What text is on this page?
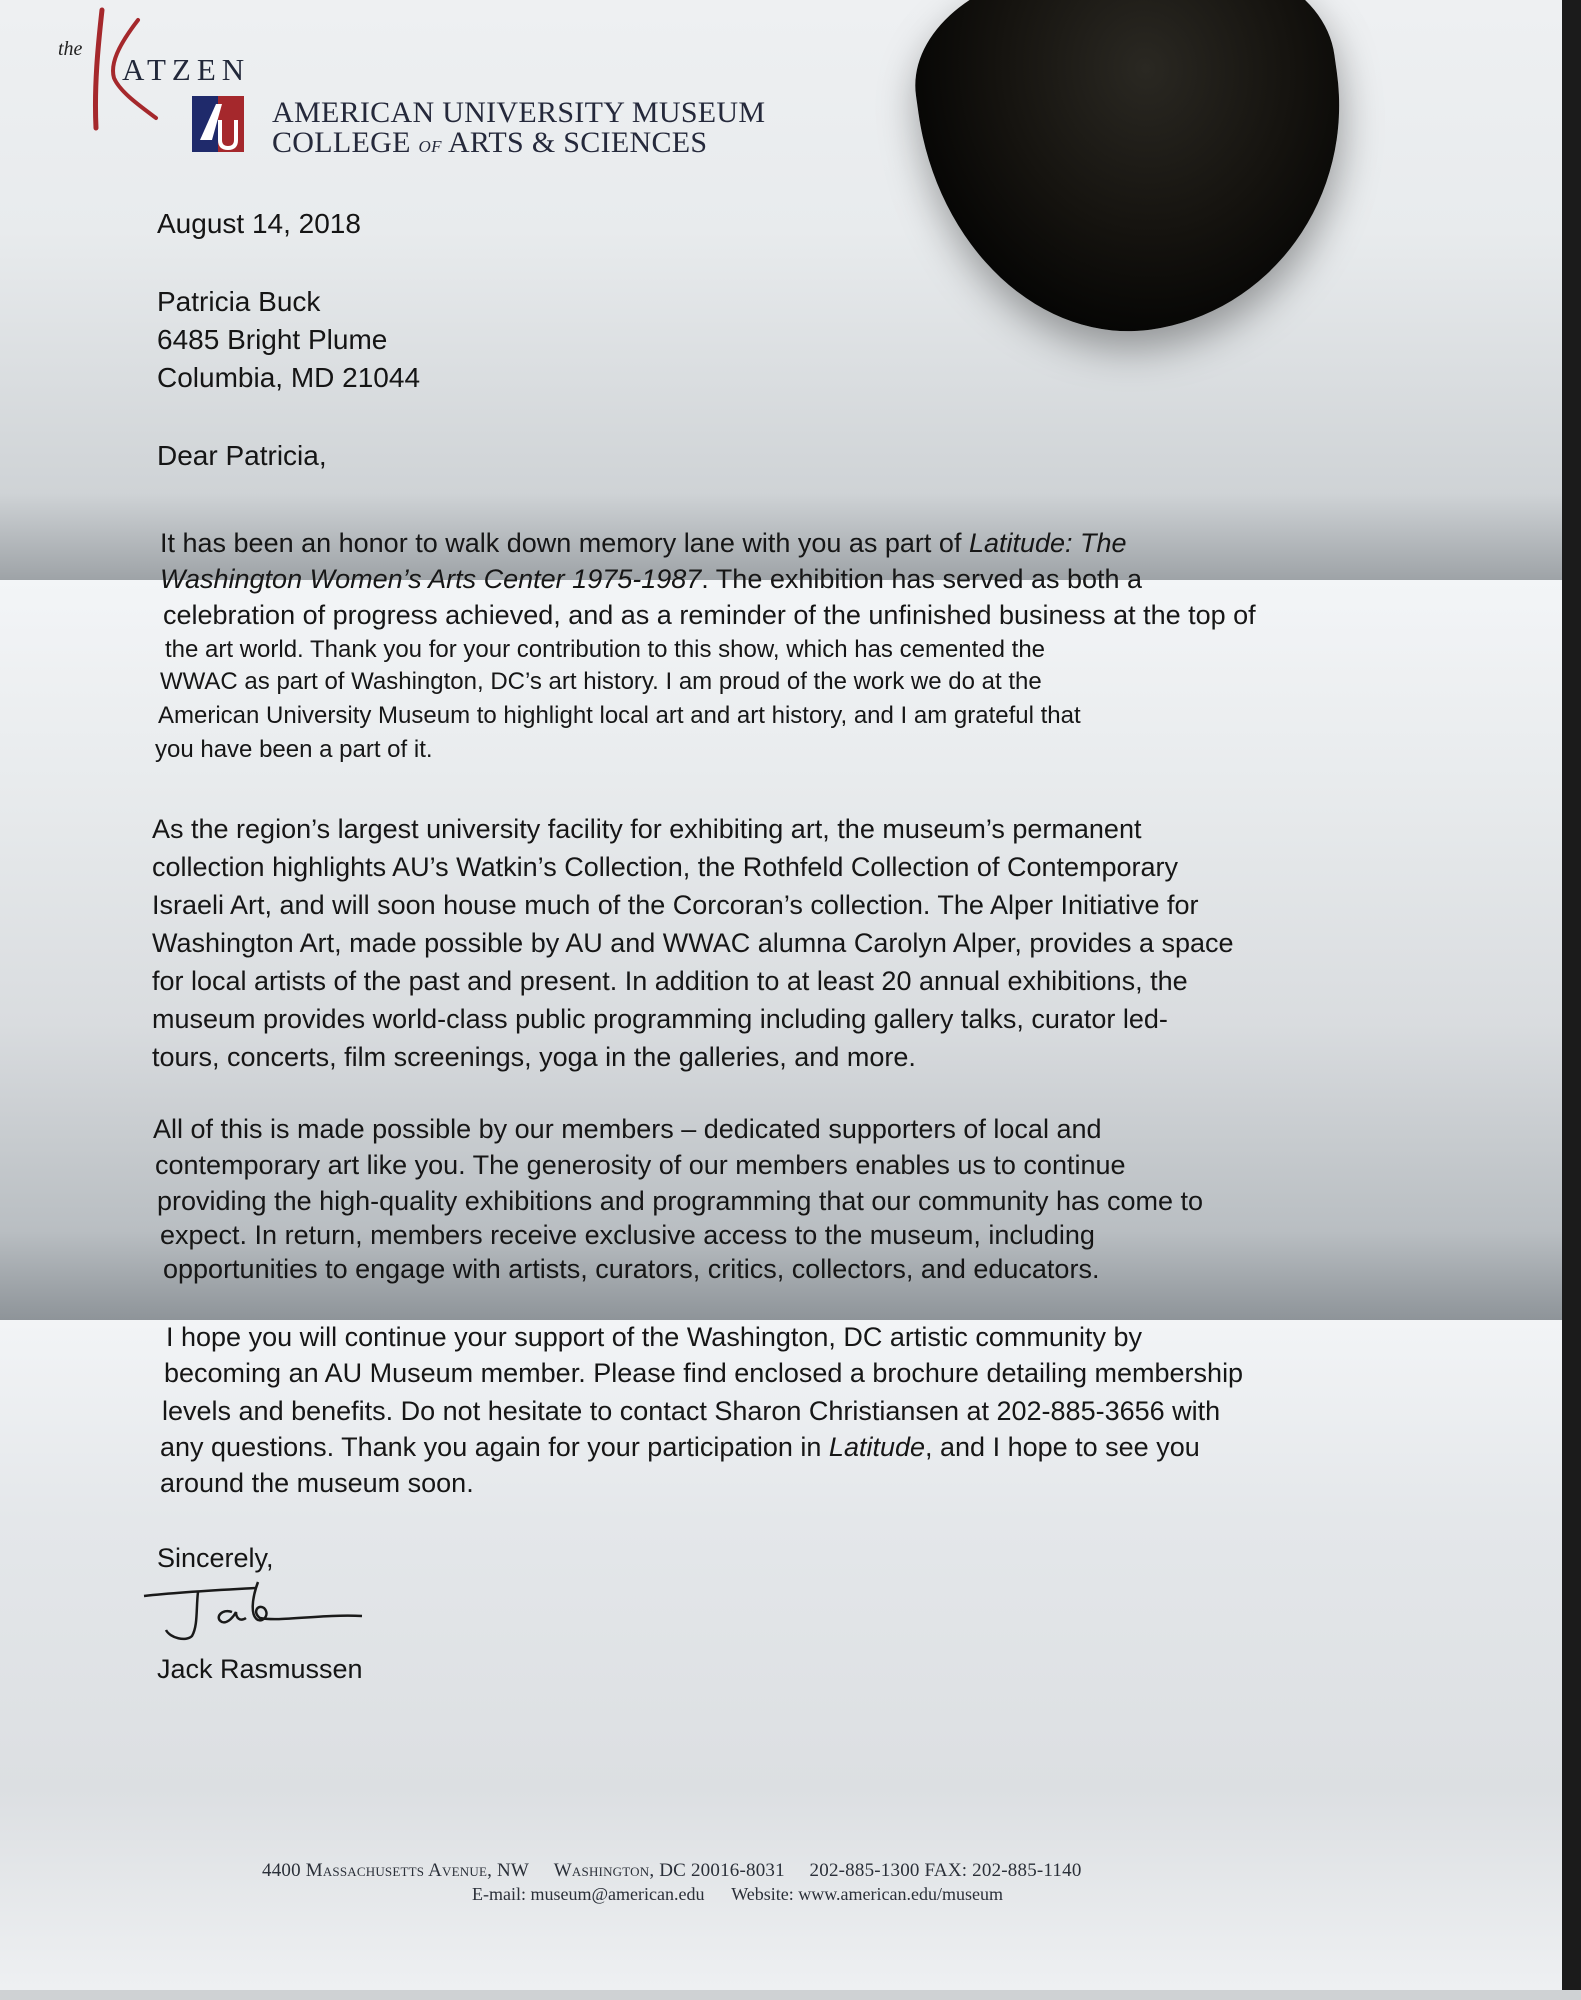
the
ATZEN
AMERICAN UNIVERSITY MUSEUM
COLLEGE of ARTS & SCIENCES
August 14, 2018
Patricia Buck
6485 Bright Plume
Columbia, MD 21044
Dear Patricia,
It has been an honor to walk down memory lane with you as part of Latitude: The
Washington Women’s Arts Center 1975-1987. The exhibition has served as both a
celebration of progress achieved, and as a reminder of the unfinished business at the top of
the art world. Thank you for your contribution to this show, which has cemented the
WWAC as part of Washington, DC’s art history. I am proud of the work we do at the
American University Museum to highlight local art and art history, and I am grateful that
you have been a part of it.
As the region’s largest university facility for exhibiting art, the museum’s permanent
collection highlights AU’s Watkin’s Collection, the Rothfeld Collection of Contemporary
Israeli Art, and will soon house much of the Corcoran’s collection. The Alper Initiative for
Washington Art, made possible by AU and WWAC alumna Carolyn Alper, provides a space
for local artists of the past and present. In addition to at least 20 annual exhibitions, the
museum provides world-class public programming including gallery talks, curator led-
tours, concerts, film screenings, yoga in the galleries, and more.
All of this is made possible by our members – dedicated supporters of local and
contemporary art like you. The generosity of our members enables us to continue
providing the high-quality exhibitions and programming that our community has come to
expect. In return, members receive exclusive access to the museum, including
opportunities to engage with artists, curators, critics, collectors, and educators.
I hope you will continue your support of the Washington, DC artistic community by
becoming an AU Museum member. Please find enclosed a brochure detailing membership
levels and benefits. Do not hesitate to contact Sharon Christiansen at 202-885-3656 with
any questions. Thank you again for your participation in Latitude, and I hope to see you
around the museum soon.
Sincerely,
Jack Rasmussen
4400 Massachusetts Avenue, NW Washington, DC 20016-8031 202-885-1300 FAX: 202-885-1140
E-mail: museum@american.edu Website: www.american.edu/museum
